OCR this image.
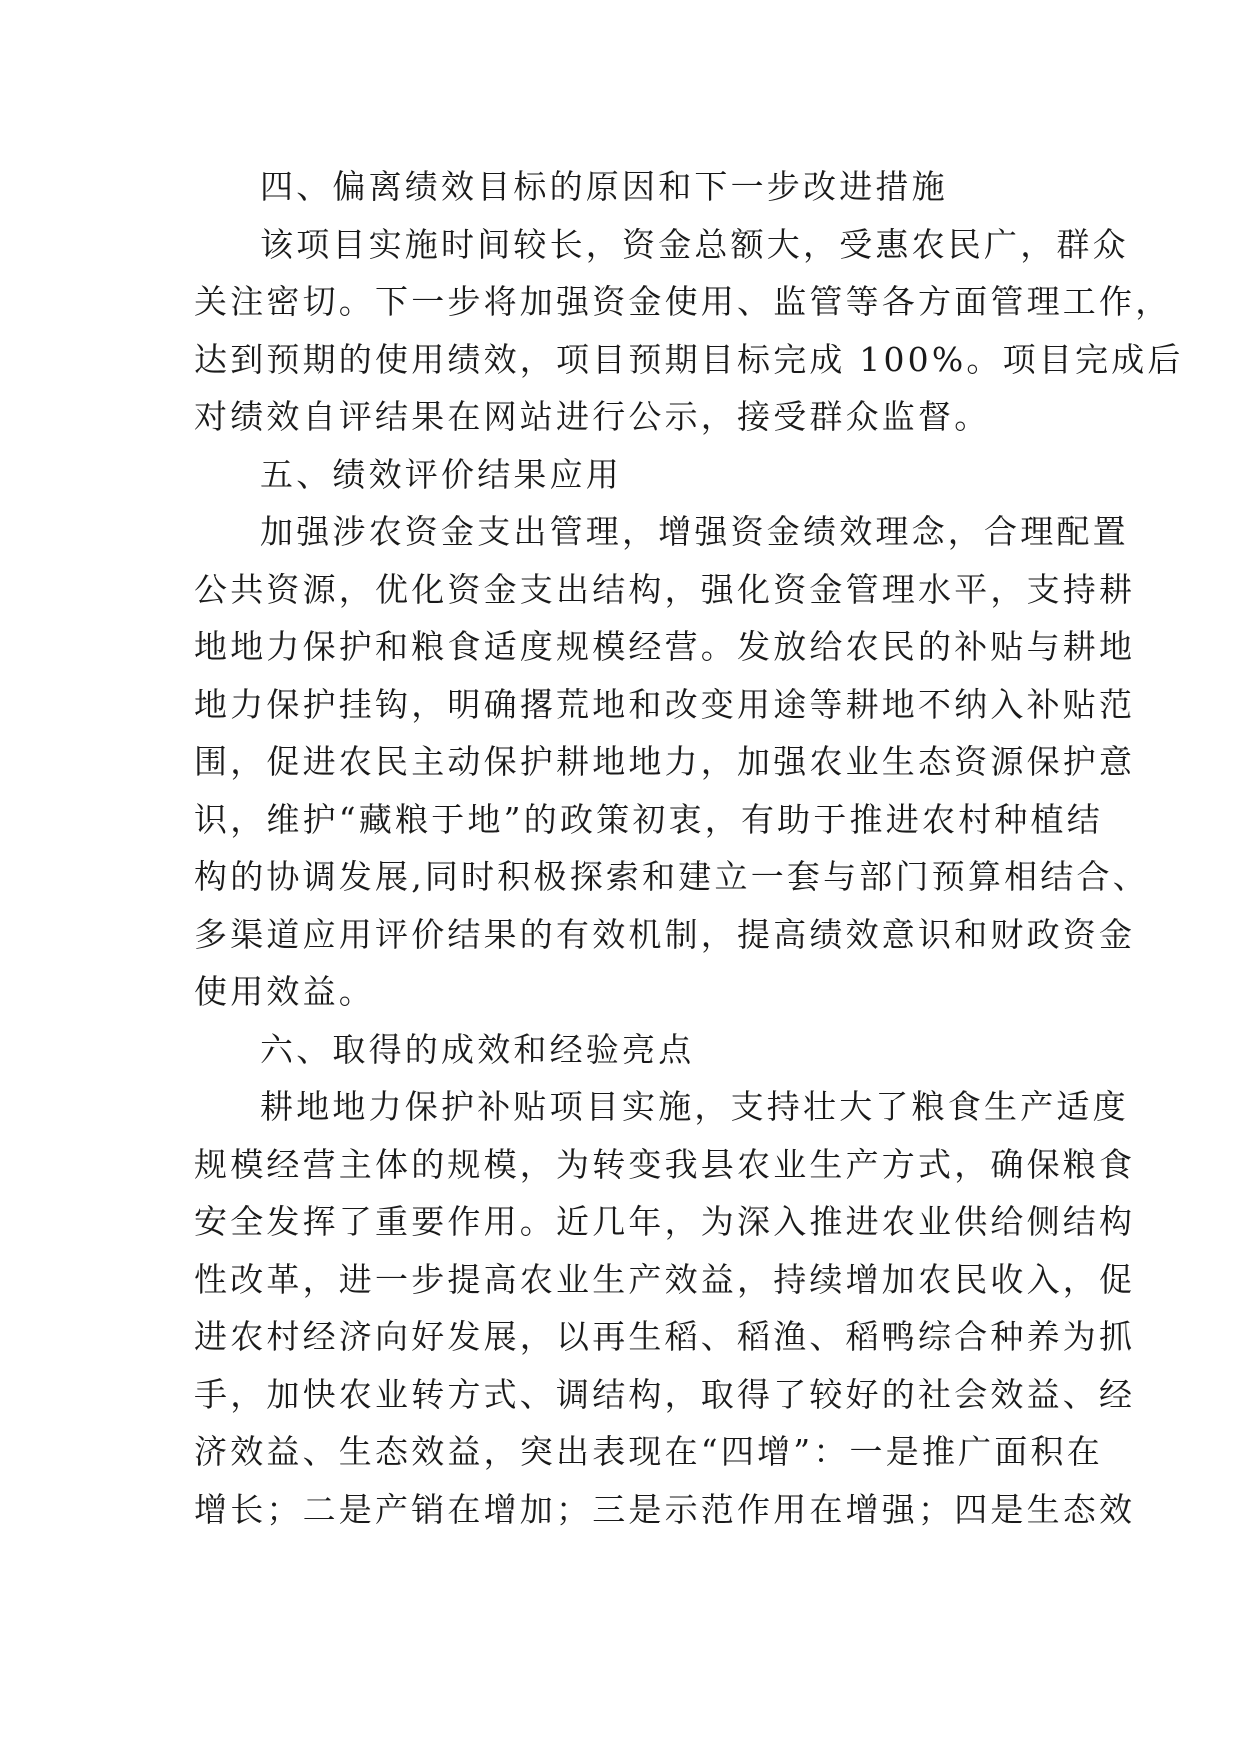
四、偏离绩效目标的原因和下一步改进措施
该项目实施时间较长，资金总额大，受惠农民广，群众
关注密切。下一步将加强资金使用、监管等各方面管理工作，
达到预期的使用绩效，项目预期目标完成 100%。项目完成后
对绩效自评结果在网站进行公示，接受群众监督。
五、绩效评价结果应用
加强涉农资金支出管理，增强资金绩效理念，合理配置
公共资源，优化资金支出结构，强化资金管理水平，支持耕
地地力保护和粮食适度规模经营。发放给农民的补贴与耕地
地力保护挂钩，明确撂荒地和改变用途等耕地不纳入补贴范
围，促进农民主动保护耕地地力，加强农业生态资源保护意
识，维护“藏粮于地”的政策初衷，有助于推进农村种植结
构的协调发展,同时积极探索和建立一套与部门预算相结合、
多渠道应用评价结果的有效机制，提高绩效意识和财政资金
使用效益。
六、取得的成效和经验亮点
耕地地力保护补贴项目实施，支持壮大了粮食生产适度
规模经营主体的规模，为转变我县农业生产方式，确保粮食
安全发挥了重要作用。近几年，为深入推进农业供给侧结构
性改革，进一步提高农业生产效益，持续增加农民收入，促
进农村经济向好发展，以再生稻、稻渔、稻鸭综合种养为抓
手，加快农业转方式、调结构，取得了较好的社会效益、经
济效益、生态效益，突出表现在“四增”：一是推广面积在
增长；二是产销在增加；三是示范作用在增强；四是生态效
